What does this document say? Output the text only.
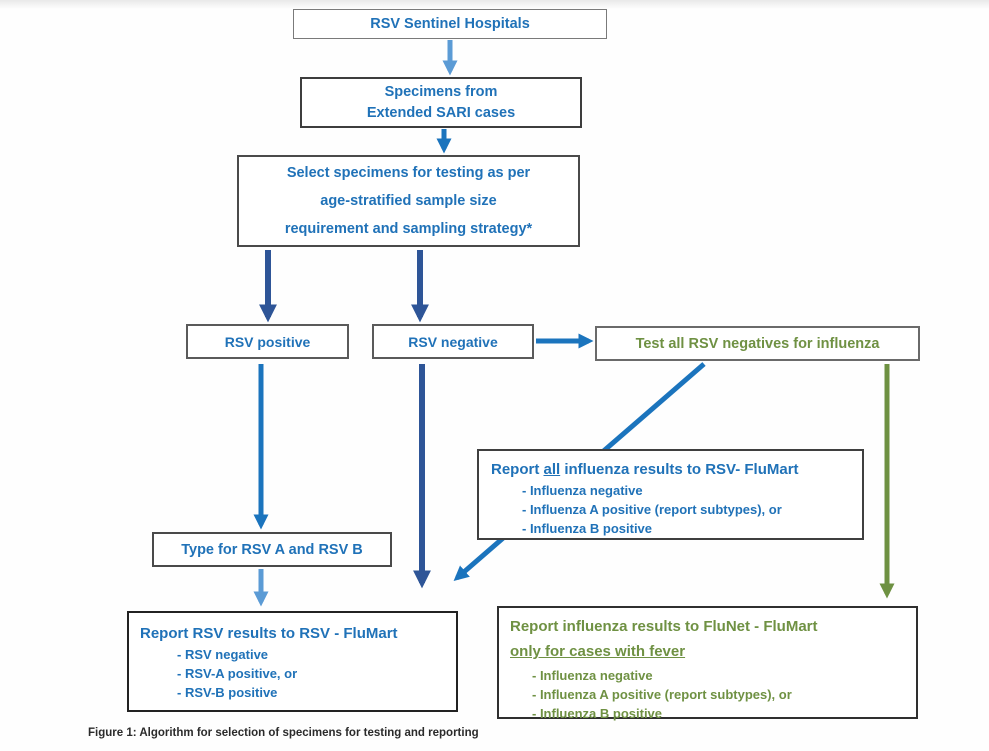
RSV Sentinel Hospitals
Specimens from
Extended SARI cases
Select specimens for testing as per
age-stratified sample size
requirement and sampling strategy*
RSV positive	RSV negative	Test all RSV negatives for influenza
Report all influenza results to RSV- FluMart
- Influenza negative
- Influenza A positive (report subtypes), or
- Influenza B positive
Type for RSV A and RSV B
Report RSV results to RSV - FluMart
- RSV negative
- RSV-A positive, or
- RSV-B positive
Report influenza results to FluNet - FluMart
only for cases with fever
- Influenza negative
- Influenza A positive (report subtypes), or
- Influenza B positive
Figure 1: Algorithm for selection of specimens for testing and reporting
